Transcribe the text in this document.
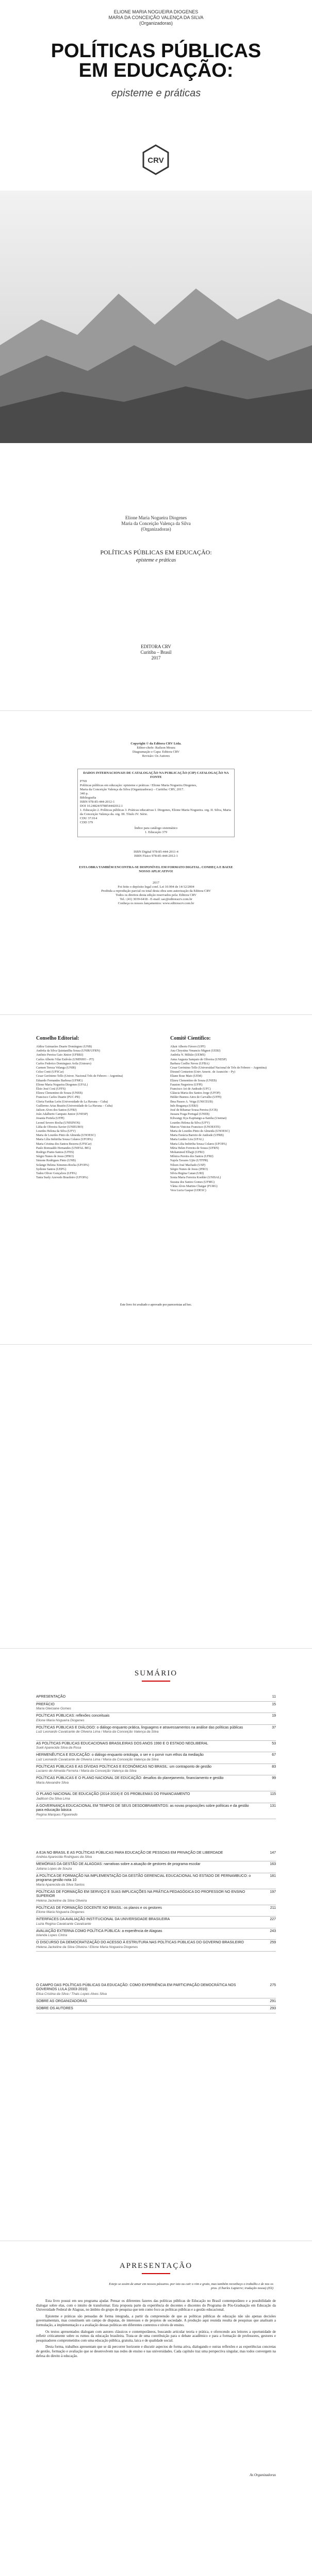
ELIONE MARIA NOGUEIRA DIOGENES
MARIA DA CONCEIÇÃO VALENÇA DA SILVA
(Organizadoras)
POLÍTICAS PÚBLICAS
EM EDUCAÇÃO:
episteme e práticas
CRV
Elione Maria Nogueira Diogenes
Maria da Conceição Valença da Silva
(Organizadoras)
POLÍTICAS PÚBLICAS EM EDUCAÇÃO:
episteme e práticas
EDITORA CRV
Curitiba – Brasil
2017
Copyright © da Editora CRV Ltda.
Editor-chefe: Railson Moura
Diagramação e Capa: Editora CRV
Revisão: Os Autores
DADOS INTERNACIONAIS DE CATALOGAÇÃO NA PUBLICAÇÃO (CIP) CATALOGAÇÃO NA FONTE
P769
Políticas públicas em educação: episteme e práticas / Elione Maria Nogueira Diogenes,
Maria da Conceição Valença da Silva (Organizadoras) – Curitiba: CRV, 2017.
340 p.
Bibliografia
ISBN 978-85-444-2012-1
DOI 10.24824/978854442012.1
1. Educação 2. Políticas públicas 3. Práticas educativas I. Diogenes, Elione Maria Nogueira. org. II. Silva, Maria da Conceição Valença da. org. III. Título IV. Série.
CDU 37.014
CDD 379
Índice para catálogo sistemático
1. Educação 379
ISBN Digital 978-85-444-2011-4
ISBN Físico 978-85-444-2012-1
ESTA OBRA TAMBÉM ENCONTRA-SE DISPONÍVEL EM FORMATO DIGITAL. CONHEÇA E BAIXE NOSSO APLICATIVO!
2017
Foi feito o depósito legal conf. Lei 10.994 de 14/12/2004
Proibida a reprodução parcial ou total desta obra sem autorização da Editora CRV
Todos os direitos desta edição reservados pela: Editora CRV
Tel.: (41) 3039-6418 - E-mail: sac@editoracrv.com.br
Conheça os nossos lançamentos: www.editoracrv.com.br
Conselho Editorial:
Aldira Guimarães Duarte Domínguez (UNB)
Andréia da Silva Quintanilha Sousa (UNIR/UFRN)
Antônio Pereira Gaio Júnior (UFRRJ)
Carlos Alberto Vilar Estêvão (UMINHO – PT)
Carlos Federico Dominguez Avila (Unieuro)
Carmen Tereza Velanga (UNIR)
Celso Conti (UFSCar)
Cesar Gerónimo Tello (Univer. Nacional Três de Febrero – Argentina)
Eduardo Fernandes Barbosa (UFMG)
Elione Maria Nogueira Diogenes (UFAL)
Élsio José Corá (UFFS)
Elizeu Clementino de Souza (UNEB)
Francisco Carlos Duarte (PUC-PR)
Gloria Fariñas León (Universidade de La Havana – Cuba)
Guillermo Arias Beatón (Universidade de La Havana – Cuba)
Jailson Alves dos Santos (UFRJ)
João Adalberto Campato Junior (UNESP)
Josania Portela (UFPI)
Leonel Severo Rocha (UNISINOS)
Lídia de Oliveira Xavier (UNIEURO)
Lourdes Helena da Silva (UFV)
Maria de Lourdes Pinto de Almeida (UNOESC)
Maria Lília Imbiriba Sousa Colares (UFOPA)
Maria Cristina dos Santos Bezerra (UFSCar)
Paulo Romualdo Hernandes (UNIFAL-MG)
Rodrigo Pratte-Santos (UFES)
Sérgio Nunes de Jesus (IFRO)
Simone Rodrigues Pinto (UNB)
Solange Helena Ximenes-Rocha (UFOPA)
Sydione Santos (UEPG)
Tadeu Oliver Gonçalves (UFPA)
Tania Suely Azevedo Brasileiro (UFOPA)
Comitê Científico:
Altair Alberto Fávero (UPF)
Ana Chrystina Venancio Mignot (UERJ)
Andréia N. Militão (UEMS)
Anna Augusta Sampaio de Oliveira (UNESP)
Barbara Coelho Neves (UFBA)
Cesar Gerónimo Tello (Universidad Nacional de Três de Febrero – Argentina)
Diosnel Centurion (Univ Americ. de Asunción – Py)
Eliane Rose Maio (UEM)
Elizeu Clementino de Souza (UNEB)
Fauston Negreiros (UFPI)
Francisco Ari de Andrade (UFC)
Gláucia Maria dos Santos Jorge (UFOP)
Helder Buenos Aires de Carvalho (UFPI)
Ilma Passos A. Veiga (UNICEUB)
Inês Bragança (UERJ)
José de Ribamar Sousa Pereira (UCB)
Jussara Fraga Portugal (UNEB)
Kilwangy Kya Kapitango-a-Samba (Unemat)
Lourdes Helena da Silva (UFV)
Marcos Vinicius Francisco (UNOESTE)
Maria de Lourdes Pinto de Almeida (UNOESC)
Maria Eurácia Barreto de Andrade (UFRB)
Maria Lurdes Lira (UFAL)
Maria Lilia Imbiriba Sousa Colares (UFOPA)
Míria Helen Ferreira de Souza (UFRN)
Mohammed Elhajji (UFRJ)
Mônica Pereira dos Santos (UFRJ)
Najela Tavares Ujiie (UTFPR)
Nilson José Machado (USP)
Sérgio Nunes de Jesus (IFRO)
Silvia Regina Canan (URI)
Sonia Maria Ferreira Koehler (UNISAL)
Suzana dos Santos Gomes (UFMG)
Vânia Alves Martins Chaigar (FURG)
Vera Lucia Gaspar (UDESC)
Este livro foi avaliado e aprovado por pareceristas ad hoc.
SUMÁRIO
APRESENTAÇÃO	11
PREFÁCIO
Maria Gleiciane Gomes
15
POLÍTICAS PÚBLICAS: reflexões conceituais
Elione Maria Nogueira Diogenes
19
POLÍTICAS PÚBLICAS E DIÁLOGO: o diálogo enquanto prática, linguagens e atravessamentos na análise das políticas públicas
Luiz Leonardo Cavalcante de Oliveira Lima / Maria da Conceição Valença da Silva
37
AS POLÍTICAS PÚBLICAS EDUCACIONAIS BRASILEIRAS DOS ANOS 1990 E O ESTADO NEOLIBERAL
Sueli Aparecida Silva da Rosa
53
HERMENÊUTICA E EDUCAÇÃO: o diálogo enquanto ontologia, o ser e o porvir num ethos da mediação
Luiz Leonardo Cavalcante de Oliveira Lima / Maria da Conceição Valença da Silva
67
POLÍTICAS PÚBLICAS E AS DÍVIDAS POLÍTICAS E ECONÔMICAS NO BRASIL: um contraponto de gestão
Luciano de Almeida Ferreira / Maria da Conceição Valença da Silva
83
POLÍTICAS PÚBLICAS E O PLANO NACIONAL DE EDUCAÇÃO: desafios do planejamento, financiamento e gestão
Maria Alexandre Silva
99
O PLANO NACIONAL DE EDUCAÇÃO (2014-2024) E OS PROBLEMAS DO FINANCIAMENTO
Jadilson Da Silva Lima
115
A GOVERNANÇA EDUCACIONAL EM TEMPOS DE SEUS DESDOBRAMENTOS: as novas proposições sobre políticas e da gestão para educação básica
Regina Marques Figueiredo
131
A EJA NO BRASIL E AS POLÍTICAS PÚBLICAS PARA EDUCAÇÃO DE PESSOAS EM PRIVAÇÃO DE LIBERDADE
Andréa Aparecida Rodrigues da Silva
147
MEMÓRIAS DA GESTÃO DE ALAGOAS: narrativas sobre a atuação de gestores de programa escolar
Juliana Lopes de Souza
163
A POLÍTICA DE FORMAÇÃO NA IMPLEMENTAÇÃO DA GESTÃO GERENCIAL EDUCACIONAL NO ESTADO DE PERNAMBUCO: o programa gestão nota 10
Maria Aparecida da Silva Santos
181
POLÍTICAS DE FORMAÇÃO EM SERVIÇO E SUAS IMPLICAÇÕES NA PRÁTICA PEDAGÓGICA DO PROFESSOR NO ENSINO SUPERIOR
Helena Jackeline da Silva Oliveira
197
POLÍTICAS DE FORMAÇÃO DOCENTE NO BRASIL: os planos e os gestores
Elione Maria Nogueira Diogenes
211
INTERFACES DA AVALIAÇÃO INSTITUCIONAL DA UNIVERSIDADE BRASILEIRA
Luzia Regina Cavalcante Cavalcante
227
AVALIAÇÃO EXTERNA COMO POLÍTICA PÚBLICA: a experiência de Alagoas
Iolanda Lopes Cintra
243
O DISCURSO DA DEMOCRATIZAÇÃO DO ACESSO À ESTRUTURA NAS POLÍTICAS PÚBLICAS DO GOVERNO BRASILEIRO
Helena Jackeline da Silva Oliveira / Elione Maria Nogueira Diogenes
259
O CAMPO DAS POLÍTICAS PÚBLICAS DA EDUCAÇÃO: COMO EXPERIÊNCIA EM PARTICIPAÇÃO DEMOCRÁTICA NOS GOVERNOS LULA (2003-2010)
Elisa Cristina da Silva / Thais Lopes Alves Silva
275
SOBRE AS ORGANIZADORAS	291
SOBRE OS AUTORES	293
APRESENTAÇÃO
Estejo se assim de amar em nossos pássaros. por isto ou cair o vim e grato, mas também reconheço o trabalho e de nos os pros. (Charles Lapierre; tradução nossa) (Eli)

Esta livro possui em seu programa ajudar. Pensar os diferentes fazeres das políticas públicas de Educação no Brasil contemporâneo e a possibilidade de dialogar sobre elas, com o intuito de transformar. Esta proposta parte da experiência de docentes e discentes do Programa de Pós-Graduação em Educação da Universidade Federal de Alagoas, no âmbito do grupo de pesquisa que tem como foco as políticas públicas e a gestão educacional.

Episteme e práticas são pensadas de forma integrada, a partir da compreensão de que as políticas públicas de educação não são apenas decisões governamentais, mas constituem um campo de disputas, de interesses e de projetos de sociedade. A produção aqui reunida resulta de pesquisas que analisam a formulação, a implementação e a avaliação dessas políticas em diferentes contextos e níveis de ensino.

Os textos apresentados dialogam com autores clássicos e contemporâneos, buscando articular teoria e prática, e oferecendo aos leitores a oportunidade de refletir criticamente sobre os rumos da educação brasileira. Trata-se de uma contribuição para o debate acadêmico e para a formação de professores, gestores e pesquisadores comprometidos com uma educação pública, gratuita, laica e de qualidade social.

Desta forma, trabalhos apresentam que se dá percorrer horizonte e discutir aspectos de forma ativa, dialogando e outras reflexões e as experiências concretas de gestão, formação e avaliação que se desenvolvem nas redes de ensino e nas universidades. Cada capítulo traz uma perspectiva singular, mas todos convergem na defesa do direito à educação.

As Organizadoras
